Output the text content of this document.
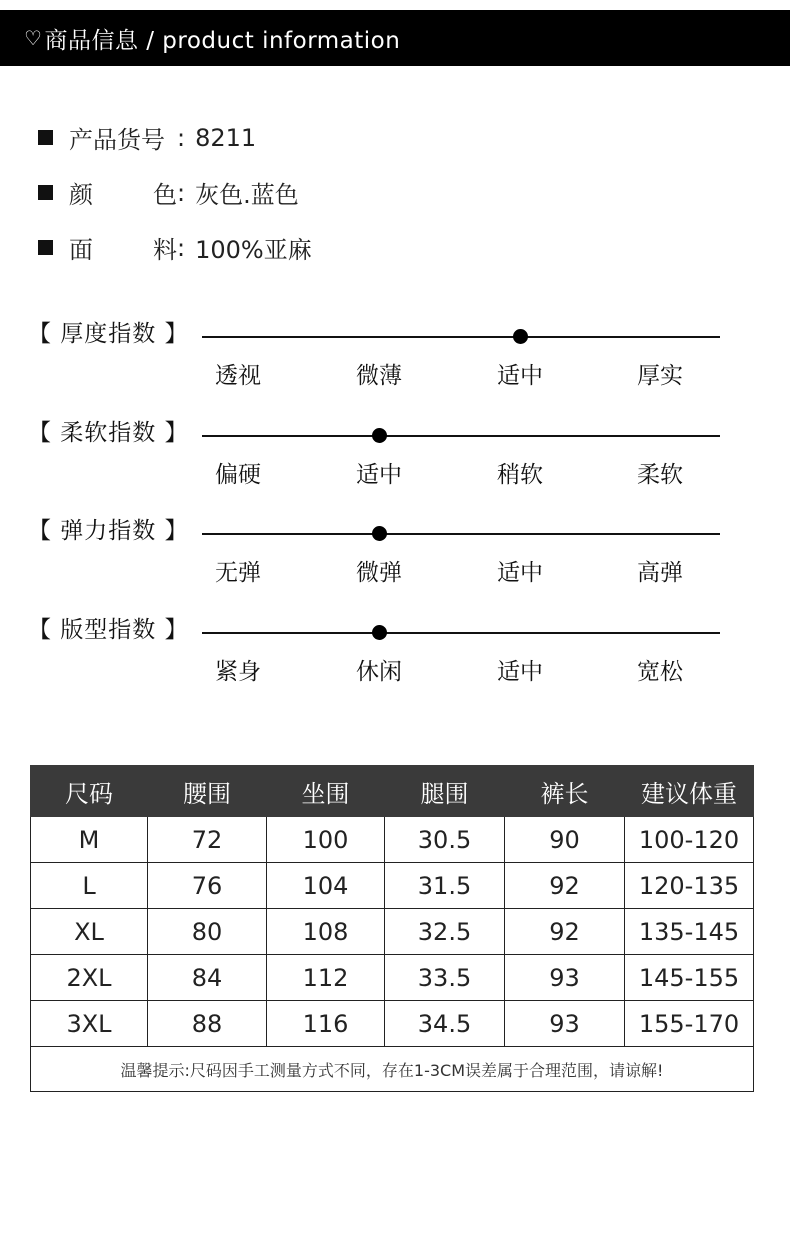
♡ 商品信息 / product information
产品货号 : 8211
颜	色 : 灰色.蓝色
面	料 : 100%亚麻
【 厚度指数 】
透视	微薄	适中	厚实
【 柔软指数 】
偏硬	适中	稍软	柔软
【 弹力指数 】
无弹	微弹	适中	高弹
【 版型指数 】
紧身	休闲	适中	宽松
尺码	腰围	坐围	腿围	裤长	建议体重
M	72	100	30.5	90	100-120
L	76	104	31.5	92	120-135
XL	80	108	32.5	92	135-145
2XL	84	112	33.5	93	145-155
3XL	88	116	34.5	93	155-170
温馨提示:尺码因手工测量方式不同，存在1-3CM误差属于合理范围，请谅解!					
